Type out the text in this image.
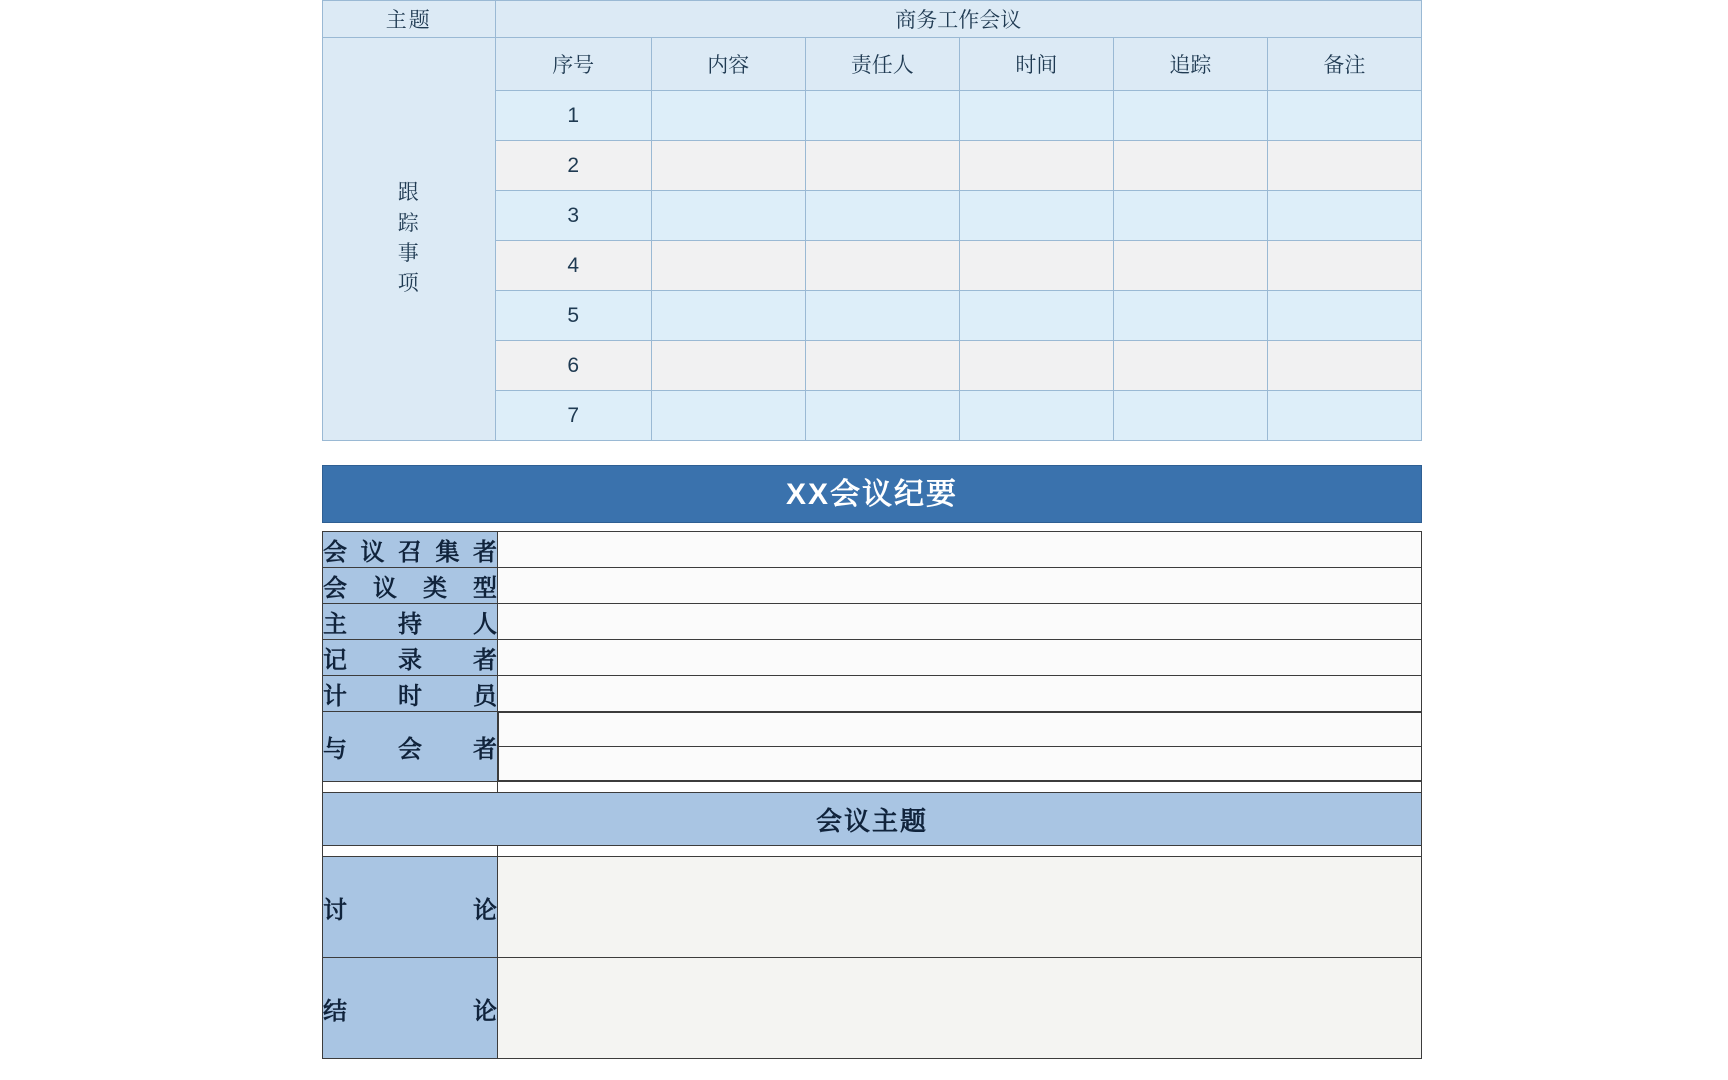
主题	商务工作会议					

跟
踪
事
项	序号	内容	责任人	时间	追踪	备注
	1					
	2					
	3					
	4					
	5					
	6					
	7					
XX会议纪要
会议召集者	
会议类型	
主持人	
记录者	
计时员	
与会者	

会议主题

讨论	
结论	
